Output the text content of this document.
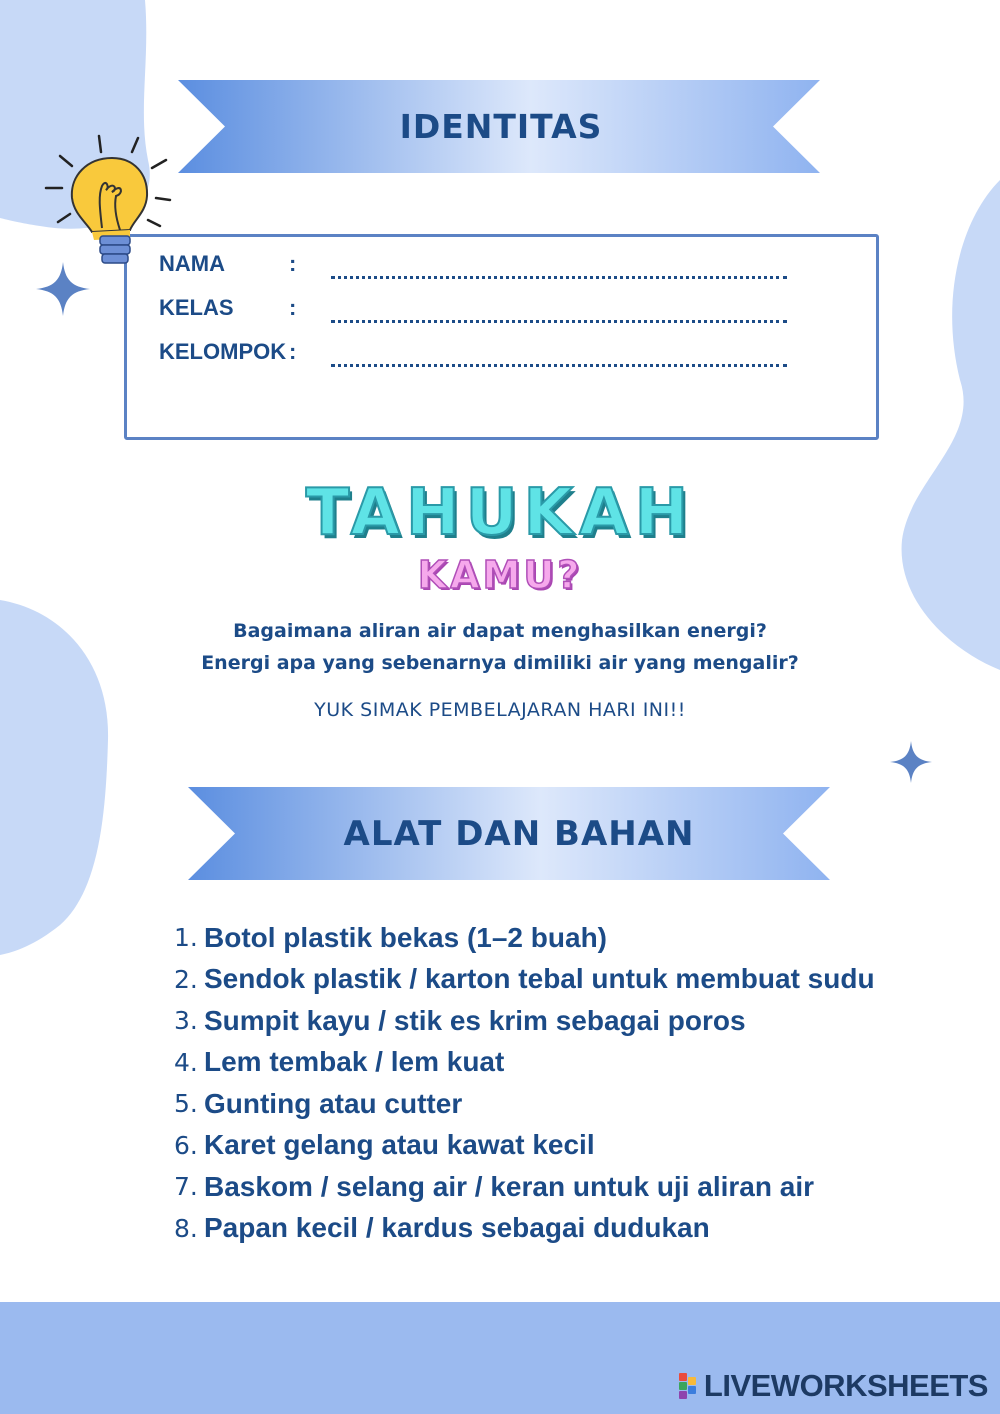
IDENTITAS
NAMA	:
KELAS	:
KELOMPOK :
TAHUKAH
KAMU?
Bagaimana aliran air dapat menghasilkan energi?
Energi apa yang sebenarnya dimiliki air yang mengalir?
YUK SIMAK PEMBELAJARAN HARI INI!!
ALAT DAN BAHAN
1. Botol plastik bekas (1–2 buah)
2. Sendok plastik / karton tebal untuk membuat sudu
3. Sumpit kayu / stik es krim sebagai poros
4. Lem tembak / lem kuat
5. Gunting atau cutter
6. Karet gelang atau kawat kecil
7. Baskom / selang air / keran untuk uji aliran air
8. Papan kecil / kardus sebagai dudukan
LIVEWORKSHEETS
